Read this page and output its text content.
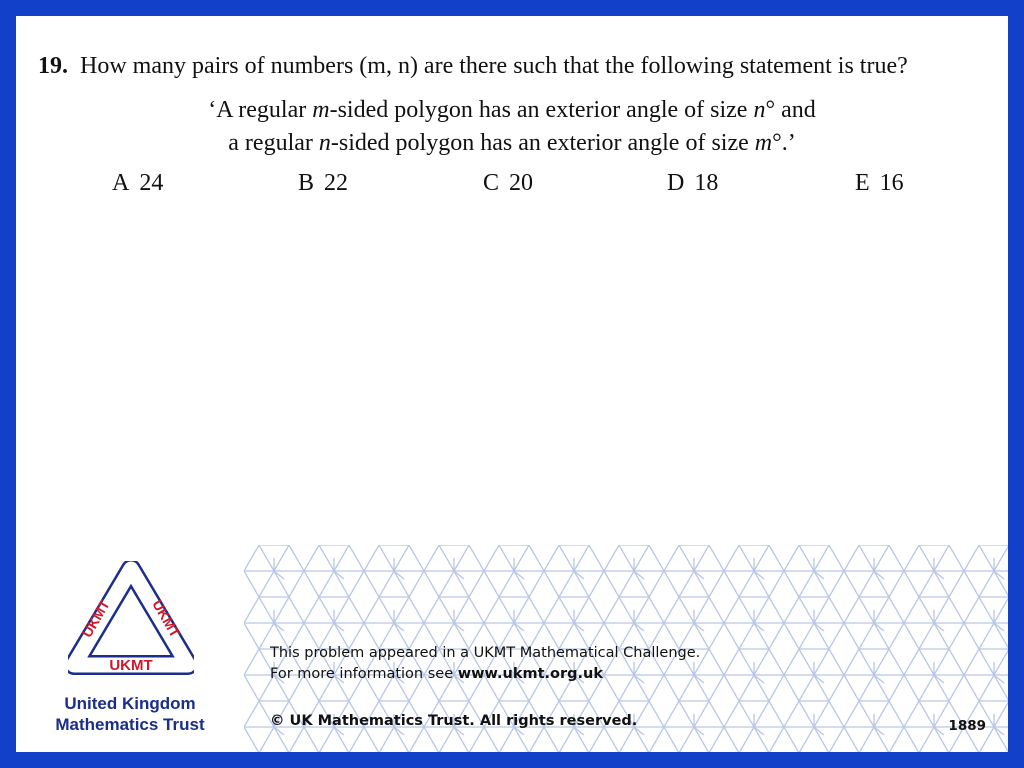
19. How many pairs of numbers (m, n) are there such that the following statement is true?
‘A regular m-sided polygon has an exterior angle of size n° and
a regular n-sided polygon has an exterior angle of size m°.’
A 24	B 22	C 20	D 18	E 16
UKMT
UKMT	UKMT
United Kingdom
Mathematics Trust
This problem appeared in a UKMT Mathematical Challenge.
For more information see www.ukmt.org.uk
© UK Mathematics Trust. All rights reserved.	1889
